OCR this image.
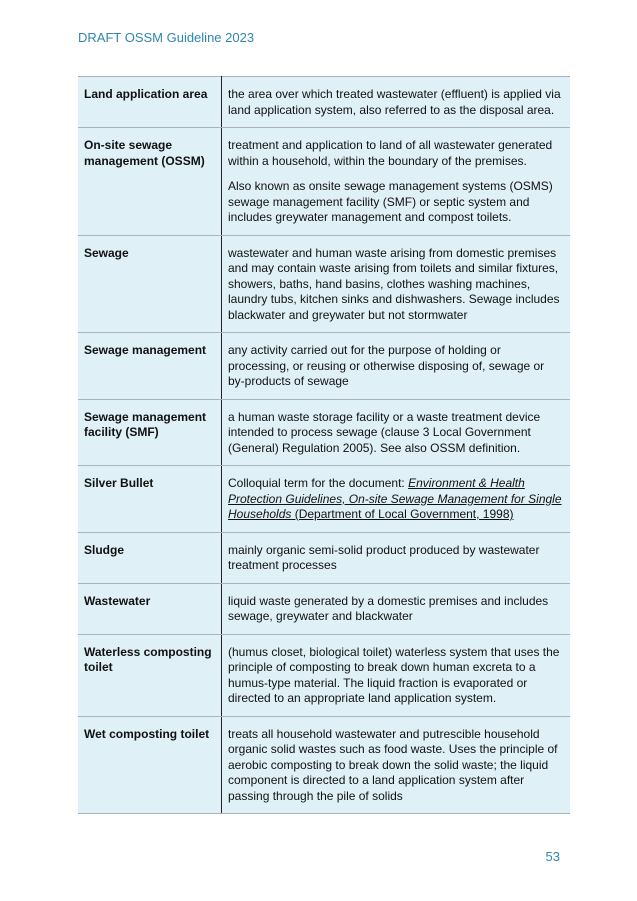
DRAFT OSSM Guideline 2023
Land application area	the area over which treated wastewater (effluent) is applied via land application system, also referred to as the disposal area.

On-site sewage management (OSSM)	treatment and application to land of all wastewater generated within a household, within the boundary of the premises.

Also known as onsite sewage management systems (OSMS) sewage management facility (SMF) or septic system and includes greywater management and compost toilets.

Sewage	wastewater and human waste arising from domestic premises and may contain waste arising from toilets and similar fixtures, showers, baths, hand basins, clothes washing machines, laundry tubs, kitchen sinks and dishwashers. Sewage includes blackwater and greywater but not stormwater

Sewage management	any activity carried out for the purpose of holding or processing, or reusing or otherwise disposing of, sewage or by-products of sewage

Sewage management facility (SMF)	a human waste storage facility or a waste treatment device intended to process sewage (clause 3 Local Government (General) Regulation 2005). See also OSSM definition.

Silver Bullet	Colloquial term for the document: Environment & Health Protection Guidelines, On-site Sewage Management for Single Households (Department of Local Government, 1998)

Sludge	mainly organic semi-solid product produced by wastewater treatment processes

Wastewater	liquid waste generated by a domestic premises and includes sewage, greywater and blackwater

Waterless composting toilet	(humus closet, biological toilet) waterless system that uses the principle of composting to break down human excreta to a humus-type material. The liquid fraction is evaporated or directed to an appropriate land application system.

Wet composting toilet	treats all household wastewater and putrescible household organic solid wastes such as food waste. Uses the principle of aerobic composting to break down the solid waste; the liquid component is directed to a land application system after passing through the pile of solids

53
